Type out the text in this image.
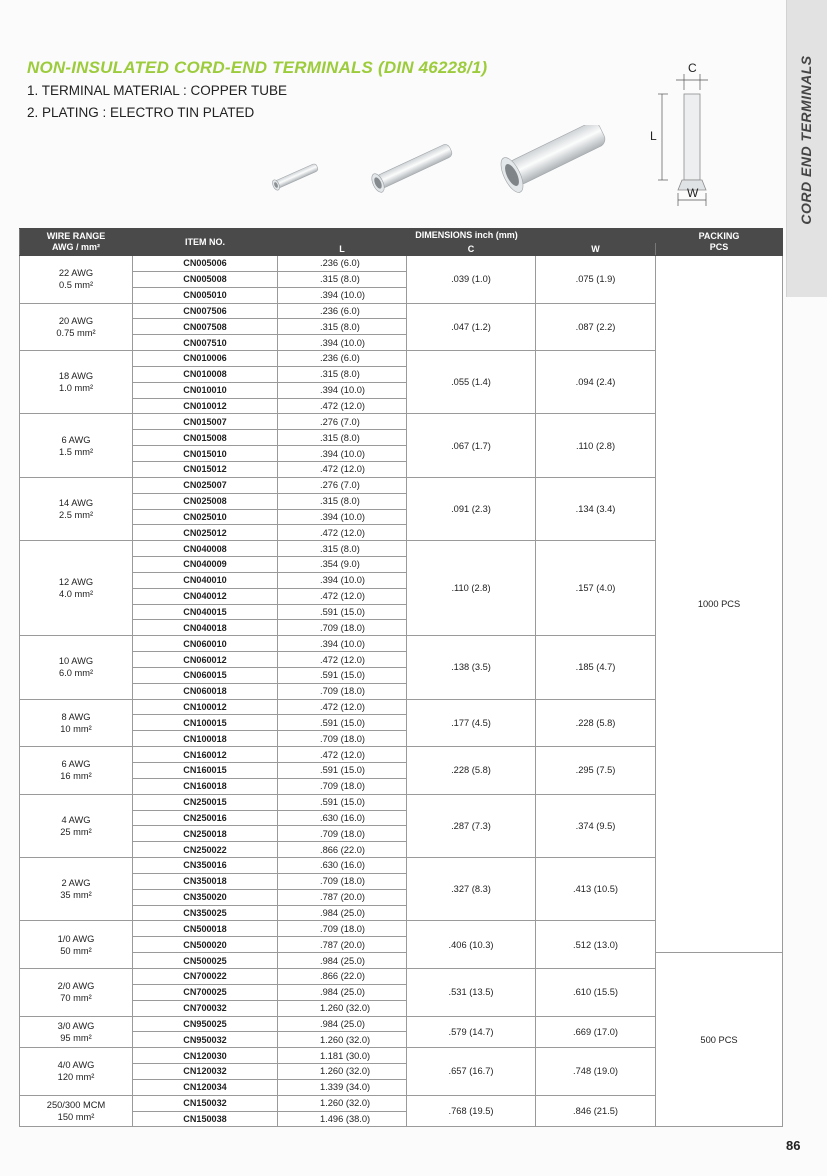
CORD END TERMINALS
NON-INSULATED CORD-END TERMINALS (DIN 46228/1)
1. TERMINAL MATERIAL : COPPER TUBE
2. PLATING : ELECTRO TIN PLATED
C
L
W
WIRE RANGE
AWG / mm²	ITEM NO.	DIMENSIONS inch (mm)			PACKING
PCS
		L	C	W	
22 AWG
0.5 mm²	CN005006	.236 (6.0)	.039 (1.0)	.075 (1.9)	1000 PCS
	CN005008	.315 (8.0)			
	CN005010	.394 (10.0)			
20 AWG
0.75 mm²	CN007506	.236 (6.0)	.047 (1.2)	.087 (2.2)	
	CN007508	.315 (8.0)			
	CN007510	.394 (10.0)			
18 AWG
1.0 mm²	CN010006	.236 (6.0)	.055 (1.4)	.094 (2.4)	
	CN010008	.315 (8.0)			
	CN010010	.394 (10.0)			
	CN010012	.472 (12.0)			
6 AWG
1.5 mm²	CN015007	.276 (7.0)	.067 (1.7)	.110 (2.8)	
	CN015008	.315 (8.0)			
	CN015010	.394 (10.0)			
	CN015012	.472 (12.0)			
14 AWG
2.5 mm²	CN025007	.276 (7.0)	.091 (2.3)	.134 (3.4)	
	CN025008	.315 (8.0)			
	CN025010	.394 (10.0)			
	CN025012	.472 (12.0)			
12 AWG
4.0 mm²	CN040008	.315 (8.0)	.110 (2.8)	.157 (4.0)	
	CN040009	.354 (9.0)			
	CN040010	.394 (10.0)			
	CN040012	.472 (12.0)			
	CN040015	.591 (15.0)			
	CN040018	.709 (18.0)			
10 AWG
6.0 mm²	CN060010	.394 (10.0)	.138 (3.5)	.185 (4.7)	
	CN060012	.472 (12.0)			
	CN060015	.591 (15.0)			
	CN060018	.709 (18.0)			
8 AWG
10 mm²	CN100012	.472 (12.0)	.177 (4.5)	.228 (5.8)	
	CN100015	.591 (15.0)			
	CN100018	.709 (18.0)			
6 AWG
16 mm²	CN160012	.472 (12.0)	.228 (5.8)	.295 (7.5)	
	CN160015	.591 (15.0)			
	CN160018	.709 (18.0)			
4 AWG
25 mm²	CN250015	.591 (15.0)	.287 (7.3)	.374 (9.5)	
	CN250016	.630 (16.0)			
	CN250018	.709 (18.0)			
	CN250022	.866 (22.0)			
2 AWG
35 mm²	CN350016	.630 (16.0)	.327 (8.3)	.413 (10.5)	
	CN350018	.709 (18.0)			
	CN350020	.787 (20.0)			
	CN350025	.984 (25.0)			
1/0 AWG
50 mm²	CN500018	.709 (18.0)	.406 (10.3)	.512 (13.0)	
	CN500020	.787 (20.0)			
	CN500025	.984 (25.0)			500 PCS
2/0 AWG
70 mm²	CN700022	.866 (22.0)	.531 (13.5)	.610 (15.5)	
	CN700025	.984 (25.0)			
	CN700032	1.260 (32.0)			
3/0 AWG
95 mm²	CN950025	.984 (25.0)	.579 (14.7)	.669 (17.0)	
	CN950032	1.260 (32.0)			
4/0 AWG
120 mm²	CN120030	1.181 (30.0)	.657 (16.7)	.748 (19.0)	
	CN120032	1.260 (32.0)			
	CN120034	1.339 (34.0)			
250/300 MCM
150 mm²	CN150032	1.260 (32.0)	.768 (19.5)	.846 (21.5)	
	CN150038	1.496 (38.0)			
86
